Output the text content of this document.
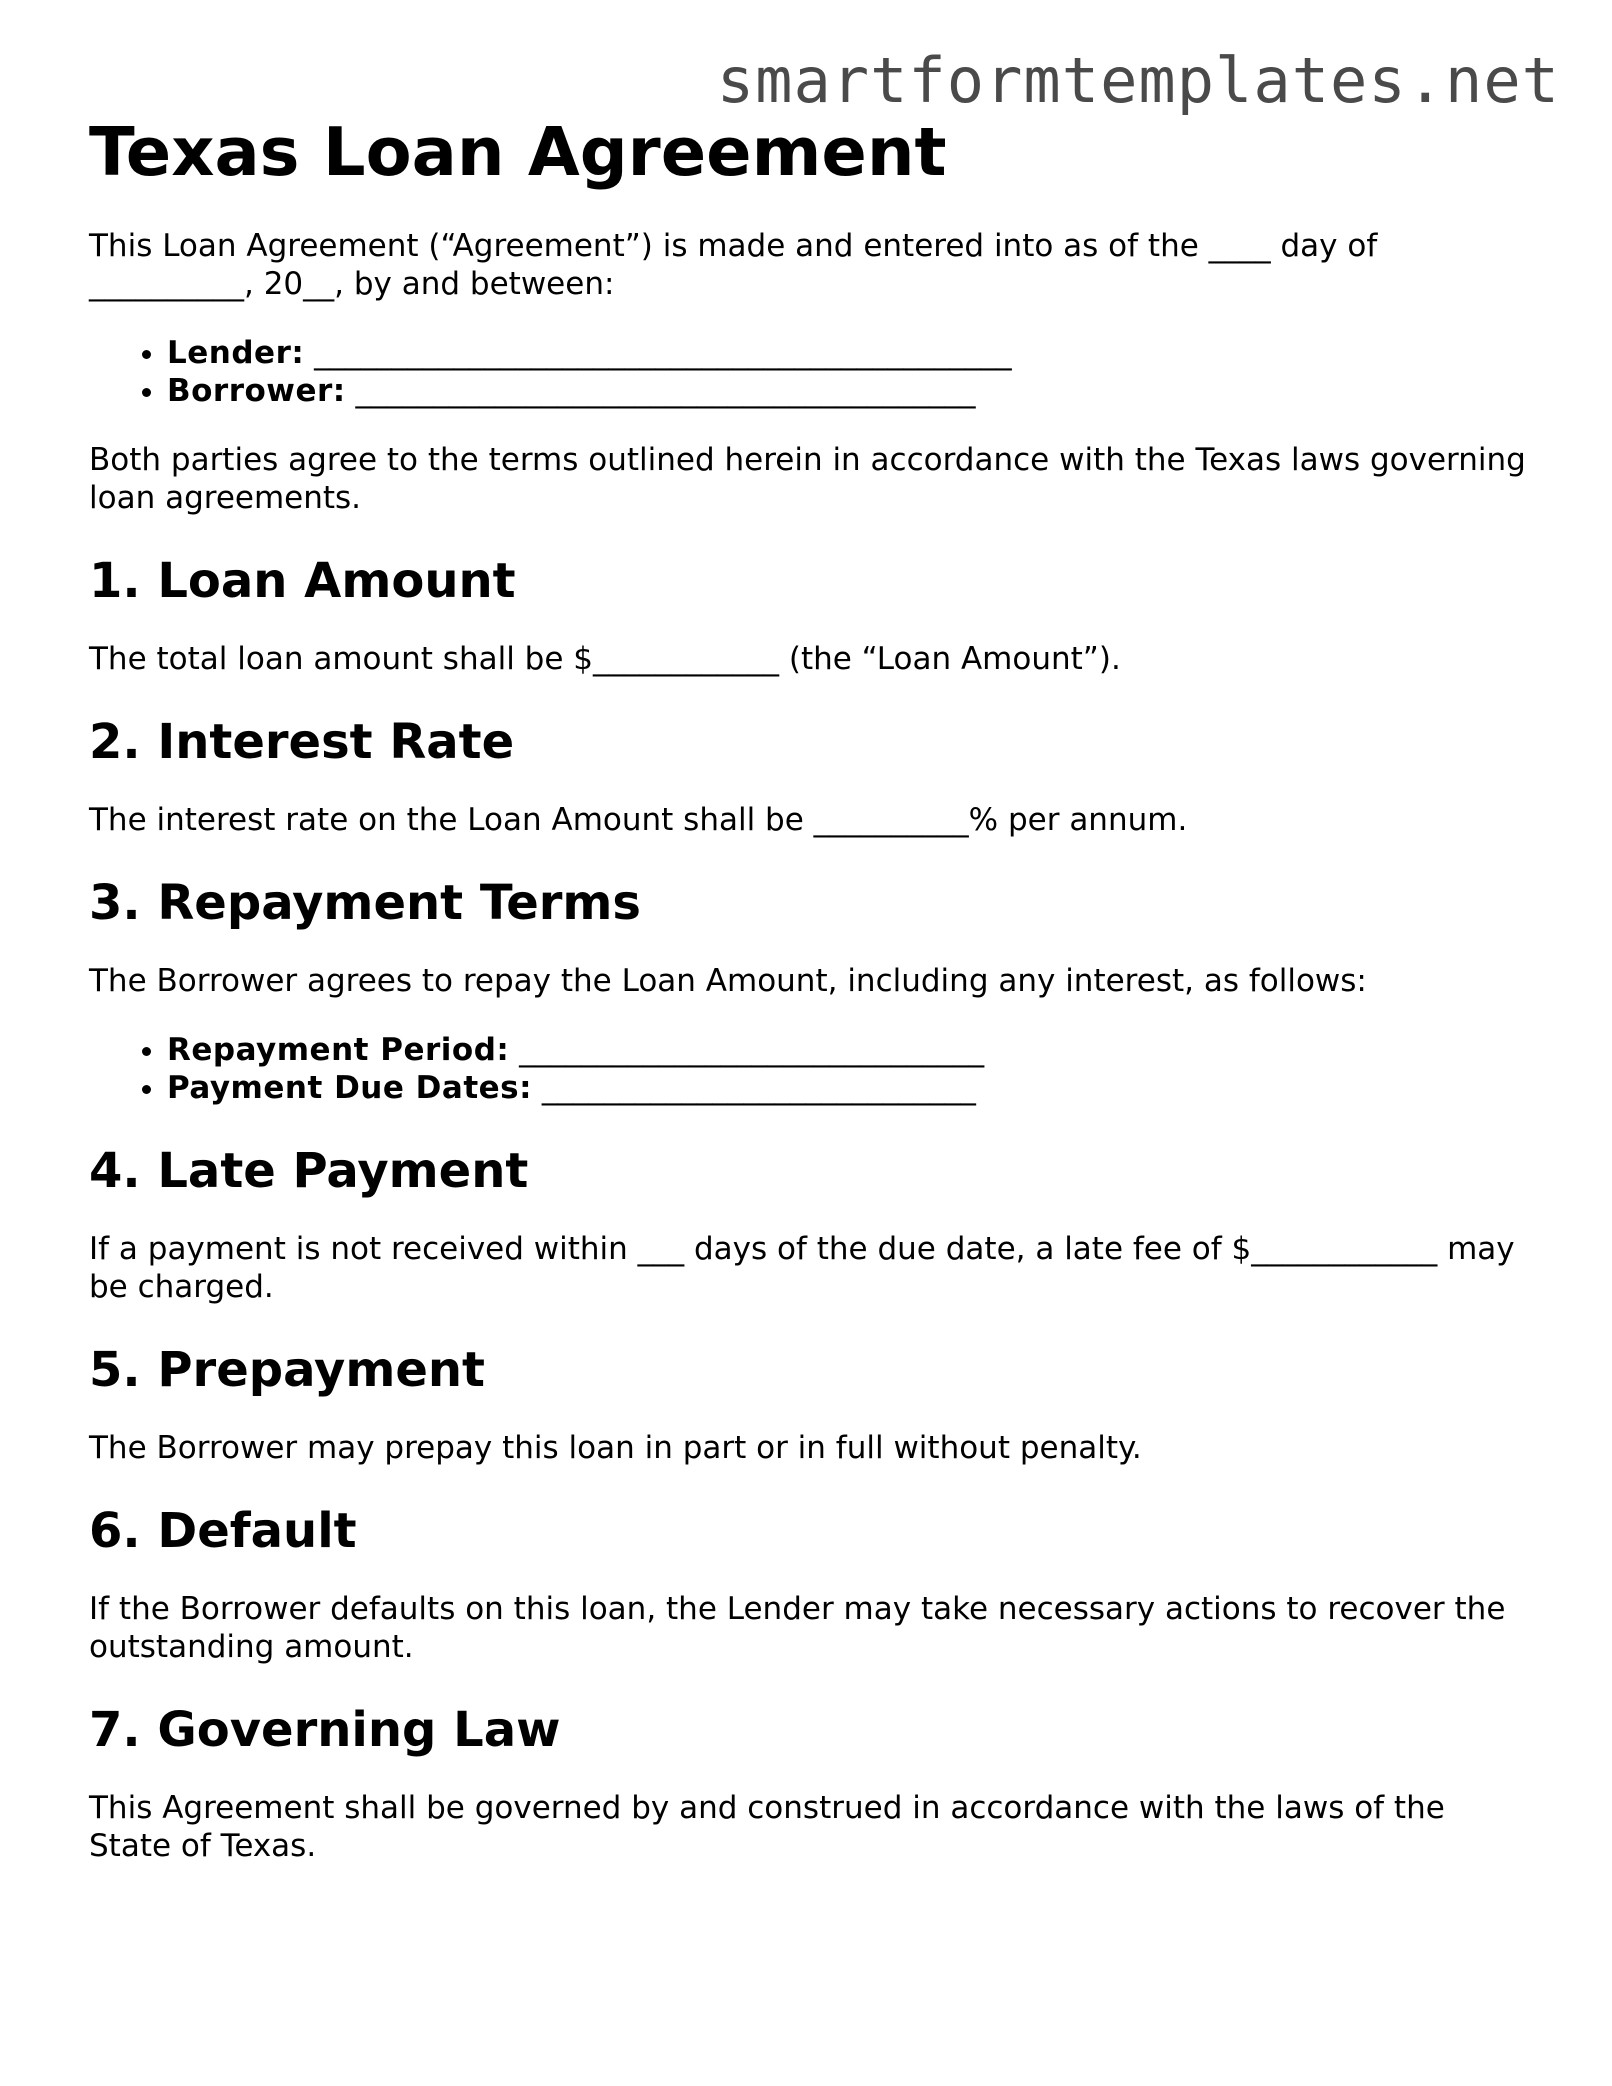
smartformtemplates.net
Texas Loan Agreement

This Loan Agreement (“Agreement”) is made and entered into as of the ____ day of __________, 20__, by and between:

• Lender: _____________________________________________
• Borrower: ________________________________________

Both parties agree to the terms outlined herein in accordance with the Texas laws governing loan agreements.

1. Loan Amount

The total loan amount shall be $____________ (the “Loan Amount”).

2. Interest Rate

The interest rate on the Loan Amount shall be __________% per annum.

3. Repayment Terms

The Borrower agrees to repay the Loan Amount, including any interest, as follows:

• Repayment Period: ______________________________
• Payment Due Dates: ____________________________
4. Late Payment

If a payment is not received within ___ days of the due date, a late fee of $____________ may be charged.

5. Prepayment

The Borrower may prepay this loan in part or in full without penalty.

6. Default

If the Borrower defaults on this loan, the Lender may take necessary actions to recover the outstanding amount.

7. Governing Law

This Agreement shall be governed by and construed in accordance with the laws of the State of Texas.
